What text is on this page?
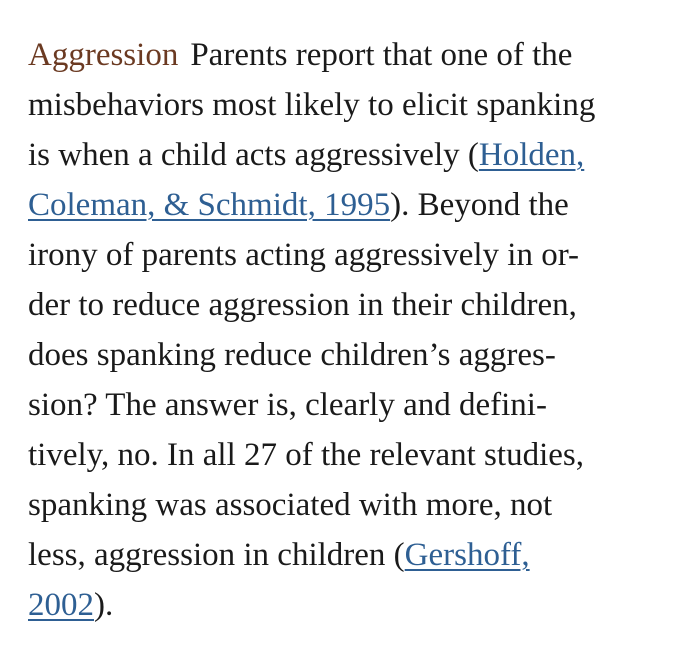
Aggression Parents report that one of the
misbehaviors most likely to elicit spanking
is when a child acts aggressively (Holden,
Coleman, & Schmidt, 1995). Beyond the
irony of parents acting aggressively in or-
der to reduce aggression in their children,
does spanking reduce children’s aggres-
sion? The answer is, clearly and defini-
tively, no. In all 27 of the relevant studies,
spanking was associated with more, not
less, aggression in children (Gershoff,
2002).
